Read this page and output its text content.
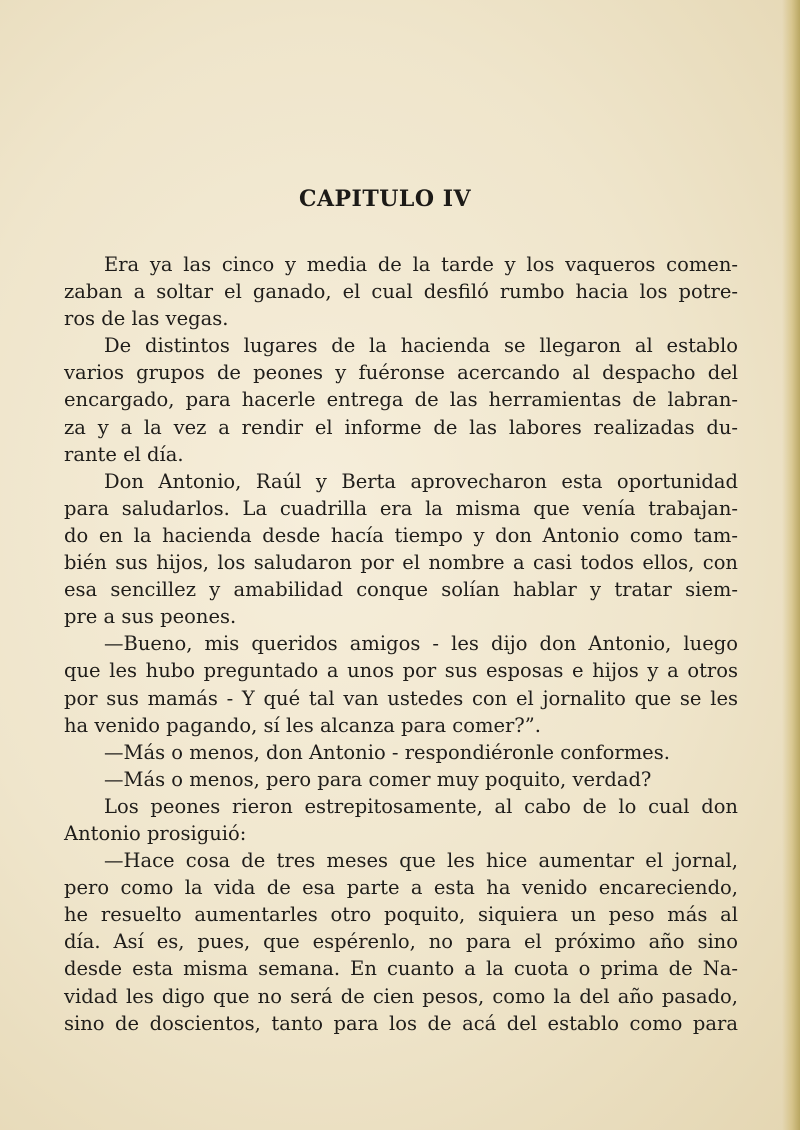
CAPITULO IV
Era ya las cinco y media de la tarde y los vaqueros comen-
zaban a soltar el ganado, el cual desfiló rumbo hacia los potre-
ros de las vegas.
De distintos lugares de la hacienda se llegaron al establo
varios grupos de peones y fuéronse acercando al despacho del
encargado, para hacerle entrega de las herramientas de labran-
za y a la vez a rendir el informe de las labores realizadas du-
rante el día.
Don Antonio, Raúl y Berta aprovecharon esta oportunidad
para saludarlos. La cuadrilla era la misma que venía trabajan-
do en la hacienda desde hacía tiempo y don Antonio como tam-
bién sus hijos, los saludaron por el nombre a casi todos ellos, con
esa sencillez y amabilidad conque solían hablar y tratar siem-
pre a sus peones.
—Bueno, mis queridos amigos - les dijo don Antonio, luego
que les hubo preguntado a unos por sus esposas e hijos y a otros
por sus mamás - Y qué tal van ustedes con el jornalito que se les
ha venido pagando, sí les alcanza para comer?”.
—Más o menos, don Antonio - respondiéronle conformes.
—Más o menos, pero para comer muy poquito, verdad?
Los peones rieron estrepitosamente, al cabo de lo cual don
Antonio prosiguió:
—Hace cosa de tres meses que les hice aumentar el jornal,
pero como la vida de esa parte a esta ha venido encareciendo,
he resuelto aumentarles otro poquito, siquiera un peso más al
día. Así es, pues, que espérenlo, no para el próximo año sino
desde esta misma semana. En cuanto a la cuota o prima de Na-
vidad les digo que no será de cien pesos, como la del año pasado,
sino de doscientos, tanto para los de acá del establo como para
